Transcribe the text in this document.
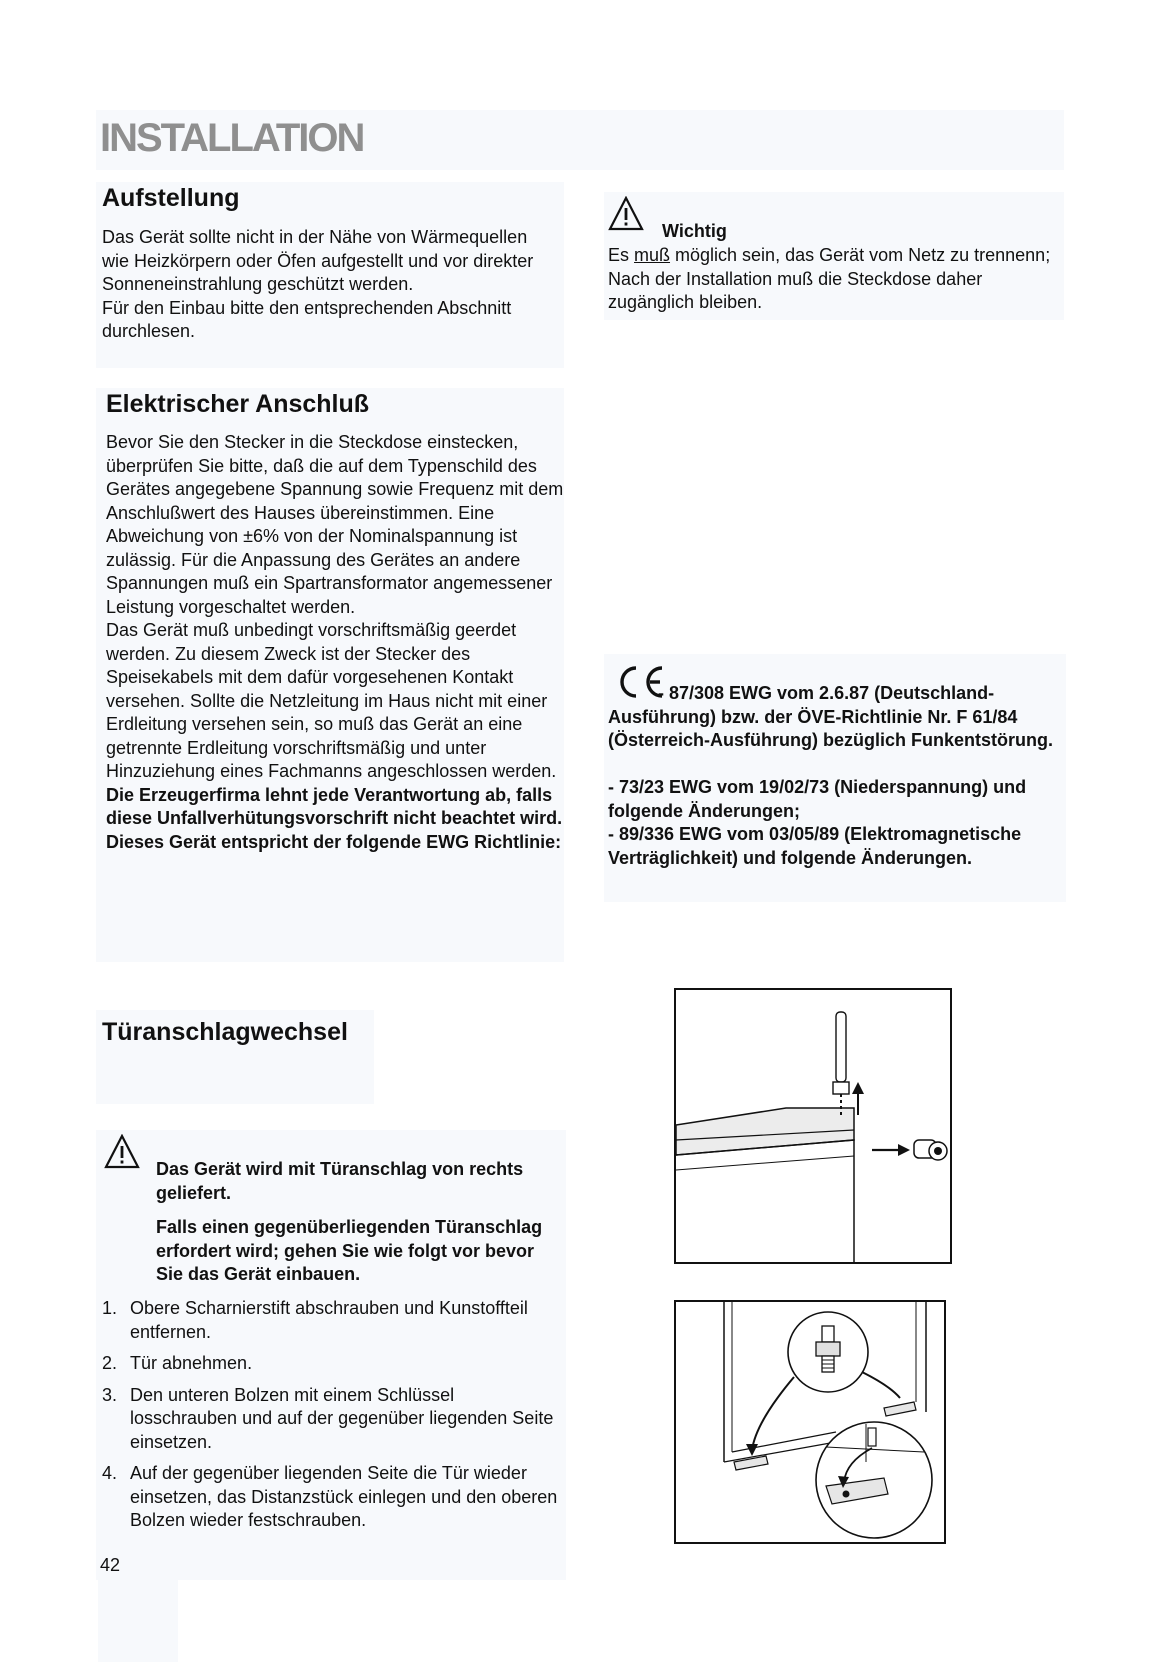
INSTALLATION
Aufstellung
Das Gerät sollte nicht in der Nähe von Wärmequellen wie Heizkörpern oder Öfen aufgestellt und vor direkter Sonneneinstrahlung geschützt werden.
Für den Einbau bitte den entsprechenden Abschnitt durchlesen.
Wichtig
Es muß möglich sein, das Gerät vom Netz zu trennenn; Nach der Installation muß die Steckdose daher zugänglich bleiben.
Elektrischer Anschluß
Bevor Sie den Stecker in die Steckdose einstecken, überprüfen Sie bitte, daß die auf dem Typenschild des Gerätes angegebene Spannung sowie Frequenz mit dem Anschlußwert des Hauses übereinstimmen. Eine Abweichung von ±6% von der Nominalspannung ist zulässig. Für die Anpassung des Gerätes an andere Spannungen muß ein Spartransformator angemessener Leistung vorgeschaltet werden.
Das Gerät muß unbedingt vorschriftsmäßig geerdet werden. Zu diesem Zweck ist der Stecker des Speisekabels mit dem dafür vorgesehenen Kontakt versehen. Sollte die Netzleitung im Haus nicht mit einer Erdleitung versehen sein, so muß das Gerät an eine getrennte Erdleitung vorschriftsmäßig und unter Hinzuziehung eines Fachmanns angeschlossen werden.
Die Erzeugerfirma lehnt jede Verantwortung ab, falls diese Unfallverhütungsvorschrift nicht beachtet wird.
Dieses Gerät entspricht der folgende EWG Richtlinie:
- 87/308 EWG vom 2.6.87 (Deutschland-Ausführung) bzw. der ÖVE-Richtlinie Nr. F 61/84 (Österreich-Ausführung) bezüglich Funkentstörung.
- 73/23 EWG vom 19/02/73 (Niederspannung) und folgende Änderungen;
- 89/336 EWG vom 03/05/89 (Elektromagnetische Verträglichkeit) und folgende Änderungen.
Türanschlagwechsel
Das Gerät wird mit Türanschlag von rechts geliefert.
Falls einen gegenüberliegenden Türanschlag erfordert wird; gehen Sie wie folgt vor bevor Sie das Gerät einbauen.
1. Obere Scharnierstift abschrauben und Kunstoffteil entfernen.
2. Tür abnehmen.
3. Den unteren Bolzen mit einem Schlüssel losschrauben und auf der gegenüber liegenden Seite einsetzen.
4. Auf der gegenüber liegenden Seite die Tür wieder einsetzen, das Distanzstück einlegen und den oberen Bolzen wieder festschrauben.
42
